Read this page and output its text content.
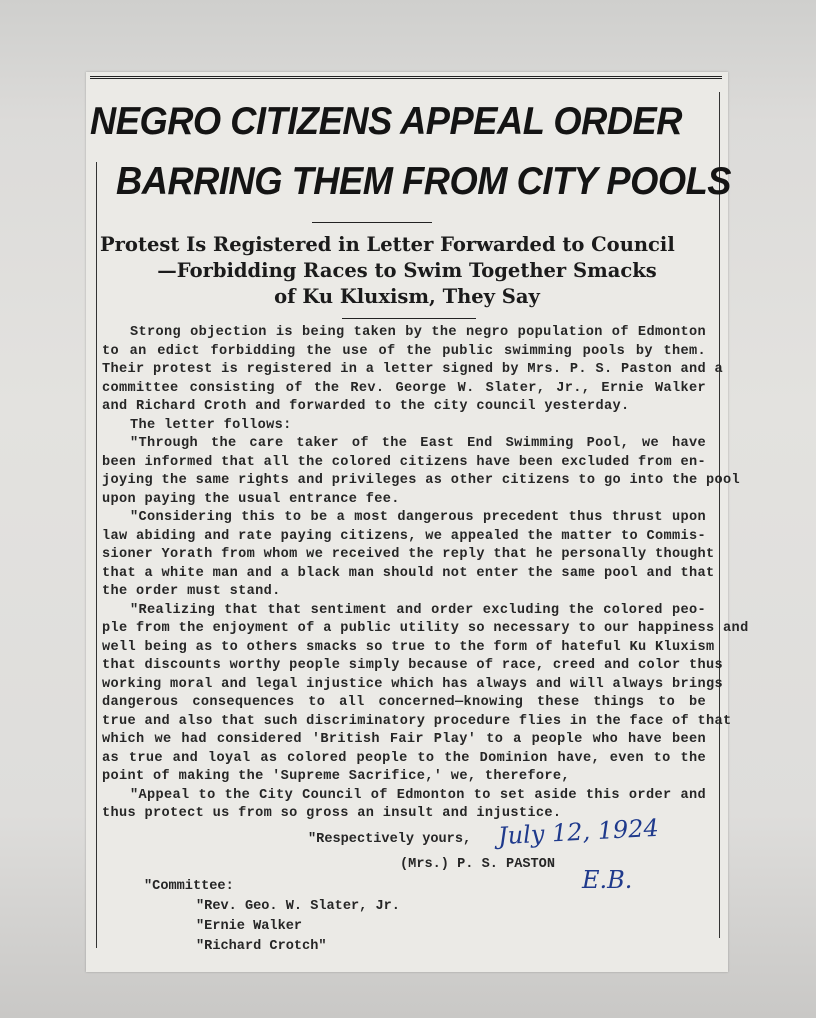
NEGRO CITIZENS APPEAL ORDER
BARRING THEM FROM CITY POOLS
Protest Is Registered in Letter Forwarded to Council
—Forbidding Races to Swim Together Smacks
of Ku Kluxism, They Say
Strong objection is being taken by the negro population of Edmonton
to an edict forbidding the use of the public swimming pools by them.
Their protest is registered in a letter signed by Mrs. P. S. Paston and a
committee consisting of the Rev. George W. Slater, Jr., Ernie Walker
and Richard Croth and forwarded to the city council yesterday.
The letter follows:
"Through the care taker of the East End Swimming Pool, we have
been informed that all the colored citizens have been excluded from en-
joying the same rights and privileges as other citizens to go into the pool
upon paying the usual entrance fee.
"Considering this to be a most dangerous precedent thus thrust upon
law abiding and rate paying citizens, we appealed the matter to Commis-
sioner Yorath from whom we received the reply that he personally thought
that a white man and a black man should not enter the same pool and that
the order must stand.
"Realizing that that sentiment and order excluding the colored peo-
ple from the enjoyment of a public utility so necessary to our happiness and
well being as to others smacks so true to the form of hateful Ku Kluxism
that discounts worthy people simply because of race, creed and color thus
working moral and legal injustice which has always and will always brings
dangerous consequences to all concerned—knowing these things to be
true and also that such discriminatory procedure flies in the face of that
which we had considered 'British Fair Play' to a people who have been
as true and loyal as colored people to the Dominion have, even to the
point of making the 'Supreme Sacrifice,' we, therefore,
"Appeal to the City Council of Edmonton to set aside this order and
thus protect us from so gross an insult and injustice.
"Respectively yours,
(Mrs.) P. S. PASTON
"Committee:
"Rev. Geo. W. Slater, Jr.
"Ernie Walker
"Richard Crotch"
July 12, 1924
E.B.
